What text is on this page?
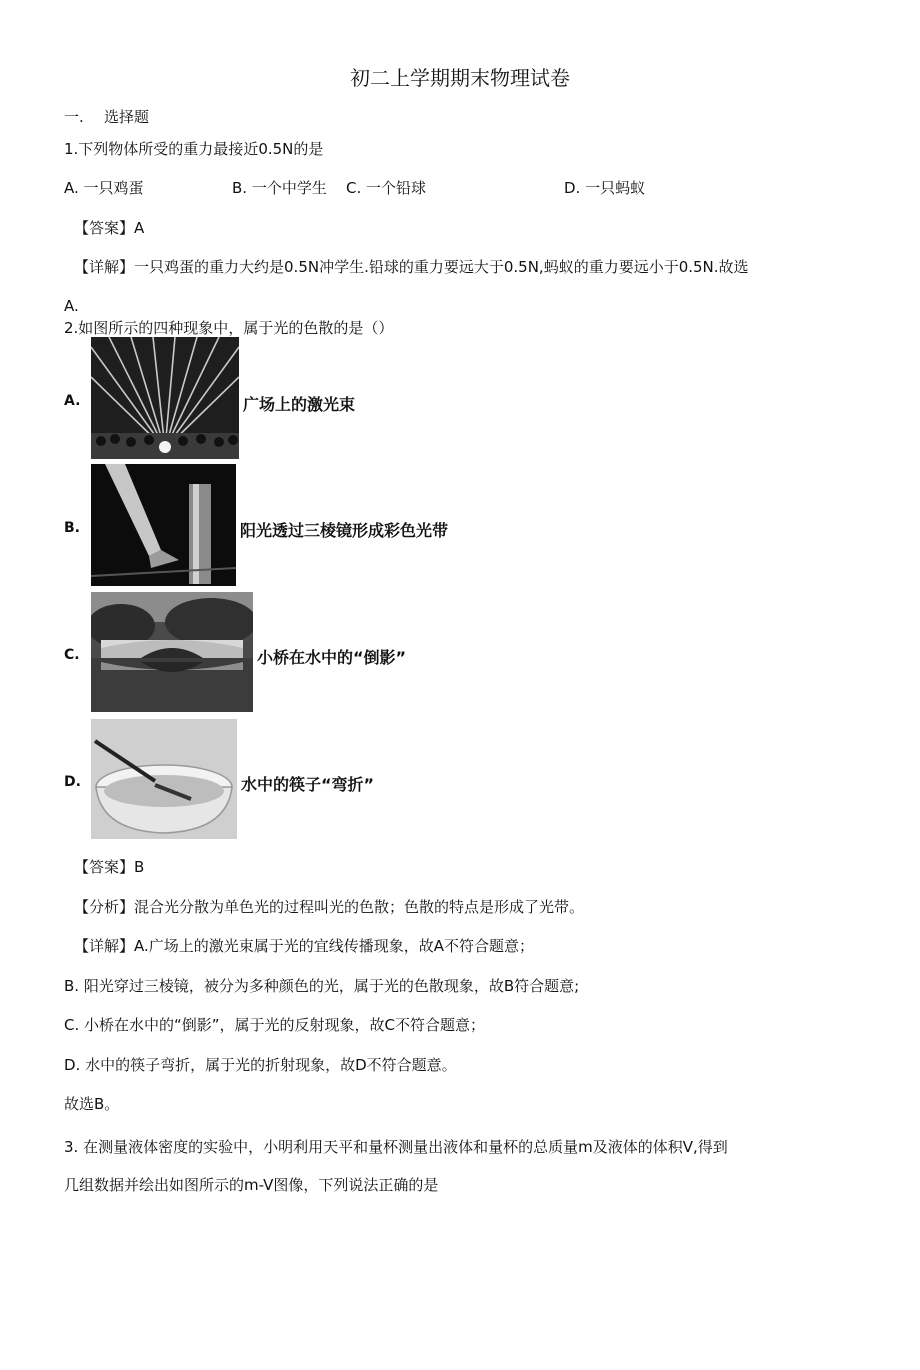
初二上学期期末物理试卷
一. 选择题
1.下列物体所受的重力最接近0.5N的是
A. 一只鸡蛋	B. 一个中学生 C. 一个铅球	D. 一只蚂蚁
【答案】A
【详解】一只鸡蛋的重力大约是0.5N冲学生.铅球的重力要远大于0.5N,蚂蚁的重力要远小于0.5N.故选
A.
2.如图所示的四种现象中，属于光的色散的是（）
A.	广场上的激光束
B.	阳光透过三棱镜形成彩色光带
C.	小桥在水中的“倒影”
D.	水中的筷子“弯折”
【答案】B
【分析】混合光分散为单色光的过程叫光的色散；色散的特点是形成了光带。
【详解】A.广场上的激光束属于光的宜线传播现象，故A不符合题意；
B. 阳光穿过三棱镜，被分为多种颜色的光，属于光的色散现象，故B符合题意;
C. 小桥在水中的“倒影”，属于光的反射现象，故C不符合题意；
D. 水中的筷子弯折，属于光的折射现象，故D不符合题意。
故选B。
3. 在测量液体密度的实验中，小明利用天平和量杯测量出液体和量杯的总质量m及液体的体积V,得到
几组数据并绘出如图所示的m-V图像，下列说法正确的是
